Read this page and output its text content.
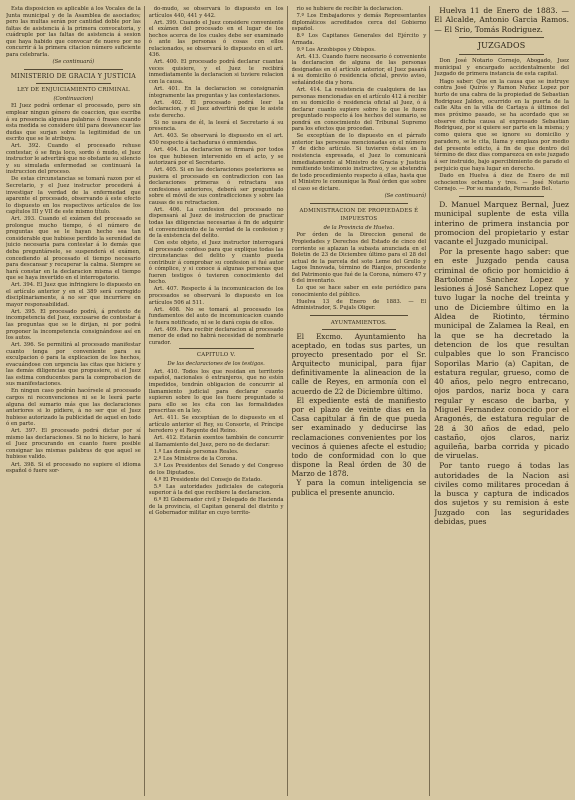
Esta disposicion es aplicable á los Vocales de la Junta municipal y de la Asamblea de asociados; pero las multas serán por cantidad doble por las faltas de asistencia á la primera convocatoria, y cuádruple por las faltas de asistencia á sesion que haya habido que convocar de nuevo por no concurrir á la primera citacion número suficiente para celebrarla.

(Se continuará)

MINISTERIO DE GRACIA Y JUSTICIA

LEY DE ENJUICIAMIENTO CRIMINAL

(Continuacion)

El Juez podrá ordenar el procesado, pero sin emplear ningun género de coaccion, que escriba á su presencia algunas palabras ó frases cuando esta medida se considere útil para desvanecer las dudas que surjan sobre la legitimidad de un escrito que se le atribuya.

Art. 392. Cuando el procesado rehuse contestar, ó se finja loco, sordo ó mudo, el Juez instructor le advertirá que no obstante su silencio y su simulada enfermedad se continuará la instruccion del proceso.

De estas circunstancias se tomará razon por el Secretario, y el Juez instructor procederá á investigar la verdad de la enfermedad que aparente el procesado, observando á este efecto lo dispuesto en los respectivos artículos de los capítulos III y VII de este mismo título.

Art. 393. Cuando el exámen del procesado se prolongue mucho tiempo, ó el número de preguntas que se le hayan hecho sea tan considerable que hubiese perdido la serenidad de juicio necesaria para contestar á lo demás que deba preguntársele, se suspenderá el exámen, concediendo al procesado el tiempo necesario para descansar y recuperar la calma. Siempre se hará constar en la declaracion misma el tiempo que se haya invertido en el interrogatorio.

Art. 394. El Juez que infringiere lo dispuesto en el artículo anterior y en el 389 será corregido disciplinariamente, á no ser que incurriere en mayor responsabilidad.

Art. 395. El procesado podrá, á pretexto de incompetencia del Juez, excusarse de contestar á las preguntas que se le dirijan, ni por podrá proponer la incompetencia consignándose así en los autos.

Art. 396. Se permitirá al procesado manifestar cuanto tenga por conveniente para su exculpacion ó para la explicacion de los hechos, evacuándose con urgencia las citas que hiciere y las demás diligencias que propusiere, si el Juez las estima conducentes para la comprobacion de sus manifestaciones.

En ningun caso podrán hacérsele al procesado cargos ni reconvenciones ni se le leerá parte alguna del sumario más que las declaraciones anteriores si lo pidiere, á no ser que el Juez hubiese autorizado la publicidad de aquel en todo ó en parte.

Art. 397. El procesado podrá dictar por sí mismo las declaraciones. Si no lo hiciere, lo hará el Juez procurando en cuanto fuere posible consignar las mismas palabras de que aquel se hubiese valido.

Art. 398. Si el procesado no supiere el idioma español ó fuere sor-

do-mudo, se observará lo dispuesto en los artículos 440, 441 y 442.

Art. 399. Cuando el Juez considere conveniente el exámen del procesado en el lugar de los hechos acerca de los cuales debe ser examinado ó ante las personas ó cosas con ellos relacionados, se observará lo dispuesto en el art. 436.

Art. 400. El procesado podrá declarar cuantas veces quisiere, y el Juez le recibirá inmediatamente la declaracion si tuviere relacion con la causa.

Art. 401. En la declaracion se consignarán íntegramente las preguntas y las contestaciones.

Art. 402. El procesado podrá leer la declaracion, y el Juez advertirá de que le asiste este derecho.

Si no usara de él, la leerá el Secretario á su presencia.

Art. 403. Se observará lo dispuesto en el art. 450 respecto á tachaduras ó enmiendas.

Art. 404. La declaracion se firmará por todos los que hubiesen intervenido en el acto, y se autorizará por el Secretario.

Art. 405. Si en las declaraciones posteriores se pusiera el procesado en contradiccion con las declaraciones primeras ó retractara sus confesiones anteriores, deberá ser preguntado sobre el móvil de sus contradicciones y sobre las causas de su retractacion.

Art. 406. La confesion del procesado no dispensará al Juez de instruccion de practicar todas las diligencias necesarias á fin de adquirir el convencimiento de la verdad de la confesion y de la existencia del delito.

Con este objeto, el Juez instructor interrogará al procesado confeso para que explique todas las circunstancias del delito y cuanto pueda contribuir á comprobar su confesion si fué autor ó cómplice, y si conoce á algunas personas que fueren testigos ó tuvieren conocimiento del hecho.

Art. 407. Respecto á la incomunicacion de los procesados se observará lo dispuesto en los artículos 506 al 511.

Art. 408. No se tomará al procesado los fundamentos del auto de incomunicacion cuando le fuera notificado, ni se le dará copia de ellos.

Art. 409. Para recibir declaracion al procesado menor de edad no habrá necesidad de nombrarle curador.

CAPITULO V.

De las declaraciones de los testigos.

Art. 410. Todos los que residan en territorio español, nacionales ó extranjeros, que no estén impedidos, tendrán obligacion de concurrir al llamamiento judicial para declarar cuanto supieren sobre lo que les fuere preguntado si para ello se les cita con las formalidades prescritas en la ley.

Art. 411. Se exceptúan de lo dispuesto en el artículo anterior el Rey, su Consorte, el Príncipe heredero y el Regente del Reino.

Art. 412. Estarán exentos también de concurrir al llamamiento del Juez, pero no de declarar:

1.º Las demás personas Reales.

2.º Los Ministros de la Corona.

3.º Los Presidentes del Senado y del Congreso de los Diputados.

4.º El Presidente del Consejo de Estado.

5.º Las autoridades judiciales de categoría superior á la del que recibiere la declaracion.

6.º El Gobernador civil y Delegado de Hacienda de la provincia, el Capitan general del distrito y el Gobernador militar en cuyo territo-

rio se hubiere de recibir la declaracion.

7.º Los Embajadores y demás Representantes diplomáticos acreditados cerca del Gobierno español.

8.º Los Capitanes Generales del Ejército y Armada.

9.º Los Arzobispos y Obispos.

Art. 413. Cuando fuere necesario ó conveniente la declaracion de alguna de las personas designadas en el artículo anterior, el Juez pasará á su domicilio ó residencia oficial, previo aviso, señalándole dia y hora.

Art. 414. La resistencia de cualquiera de las personas mencionadas en el artículo 412 á recibir en su domicilio ó residencia oficial al Juez, ó á declarar cuanto supiere sobre lo que le fuere preguntado respecto á los hechos del sumario, se pondrá en conocimiento del Tribunal Supremo para los efectos que procedan.

Se exceptúan de lo dispuesto en el párrafo anterior las personas mencionadas en el número 7 de dicho artículo. Si tuvieren éstas en la resistencia expresada, el Juez lo comunicará inmediatamente al Ministro de Gracia y Justicia remitiendo testimonio instructivo, y se abstendrá de todo procedimiento respecto á ellas, hasta que el Ministro le comunique la Real órden que sobre el caso se dictare.

(Se continuará)

ADMINISTRACION DE PROPIEDADES É IMPUESTOS

de la Provincia de Huelva.

Por órden de la Direccion general de Propiedades y Derechos del Estado de cinco del corriente se aplazan la subasta anunciada en el Boletin de 23 de Diciembre último para el 28 del actual de la parcela del soto Leme del Grullo y Lagos Innovada, término de Rianjos, procedente del Patrimonio que fué de la Corona, número 47 y 6 del inventario.

Lo que se hace saber en este periódico para conocimiento del público.

Huelva 13 de Enero de 1883. — El Administrador, S. Pujals Oliger.

AYUNTAMIENTOS.

El Excmo. Ayuntamiento ha aceptado, en todas sus partes, un proyecto presentado por el Sr. Arquitecto municipal, para fijar definitivamente la alineacion de la calle de Reyes, en armonía con el acuerdo de 22 de Diciembre último.

El expediente está de manifiesto por el plazo de veinte dias en la Casa capitular á fin de que pueda ser examinado y deducirse las reclamaciones convenientes por los vecinos á quienes afecte el estudio; todo de conformidad con lo que dispone la Real órden de 30 de Marzo de 1878.

Y para la comun inteligencia se publica el presente anuncio.

Huelva 11 de Enero de 1883. — El Alcalde, Antonio Garcia Ramos. — El Srio, Tomás Rodriguez.

JUZGADOS

Don José Notario Cornejo, Abogado, Juez municipal y encargado accidentalmente del Juzgado de primera instancia de esta capital.

Hago saber: Que en la causa que se instruye contra José Quirós y Ramon Nuñez Lopez por hurto de una cabra de la propiedad de Sebastian Rodriguez Jaldon, ocurrido en la puerta de la calle Alta en la villa de Cartaya á últimos del mes próximo pasado, se ha acordado que se observe dicha causa al expresado Sebastian Rodriguez, por si quiere ser parte en la misma; y como quiera que se ignore su domicilio y paradero, se le cita, llama y emplaza por medio del presente edicto, á fin de que dentro del término de diez dias comparezca en este juzgado á ser instruido, bajo apercibimiento de parado el perjuicio que haya lugar en derecho.

Dado en Huelva á diez de Enero de mil ochocientos ochenta y tres. — José Notario Cornejo. — Por su mandado, Fernando Bel.

D. Manuel Marquez Bernal, Juez municipal suplente de esta villa interino de primera instancia por promocion del propietario y estar vacante el Juzgado municipal.

Por la presente hago saber: que en este Juzgado penda causa criminal de oficio por homicidio á Bartolomé Sanchez Lopez y lesiones á José Sanchez Lopez que tuvo lugar la noche del treinta y uno de Diciembre último en la Aldea de Riotinto, término municipal de Zalamea la Real, en la que se ha decretado la detencion de los que resultan culpables que lo son Francisco Soporilas Mario (a) Capitan, de estatura regular, grueso, como de 40 años, pelo negro entrecano, ojos pardos, nariz boca y cara regular y escaso de barba, y Miguel Fernandez conocido por el Aragonés, de estatura regular de 28 á 30 años de edad, pelo castaño, ojos claros, nariz aguileña, barba corrida y picado de viruelas.

Por tanto ruego á todas las autoridades de la Nacion asi civiles como militares procedan á la busca y captura de indicados dos sujetos y su remision á este Juzgado con las seguridades debidas, pues
